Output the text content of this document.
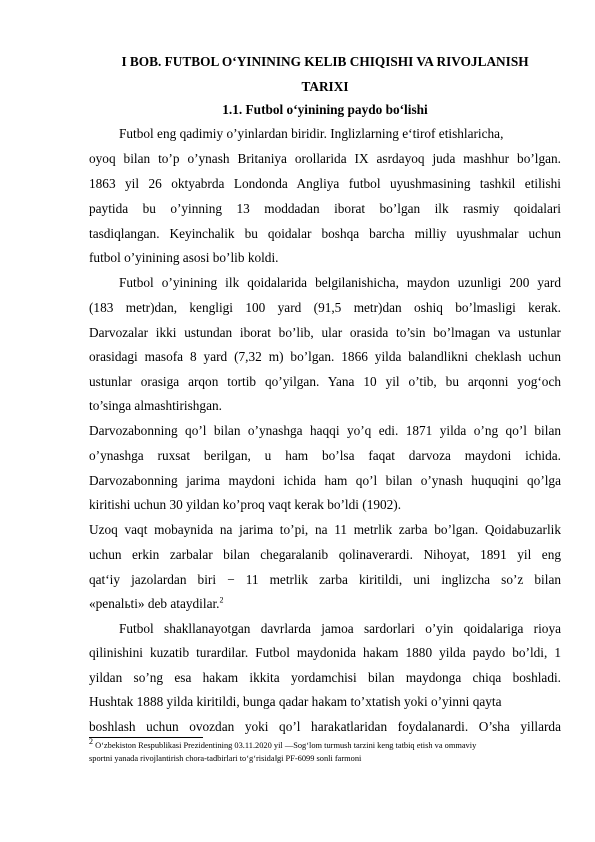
I BOB. FUTBOL O‘YININING KELIB CHIQISHI VA RIVOJLANISH
TARIXI
1.1. Futbol o‘yinining paydo bo‘lishi
Futbol eng qadimiy o’yinlardan biridir. Inglizlarning e‘tirof etishlaricha,
oyoq bilan to’p o’ynash Britaniya orollarida IX asrdayoq juda mashhur bo’lgan.
1863 yil 26 oktyabrda Londonda Angliya futbol uyushmasining tashkil etilishi
paytida bu o’yinning 13 moddadan iborat bo’lgan ilk rasmiy qoidalari
tasdiqlangan. Keyinchalik bu qoidalar boshqa barcha milliy uyushmalar uchun
futbol o’yinining asosi bo’lib koldi.
Futbol o’yinining ilk qoidalarida belgilanishicha, maydon uzunligi 200 yard
(183 metr)dan, kengligi 100 yard (91,5 metr)dan oshiq bo’lmasligi kerak.
Darvozalar ikki ustundan iborat bo’lib, ular orasida to’sin bo’lmagan va ustunlar
orasidagi masofa 8 yard (7,32 m) bo’lgan. 1866 yilda balandlikni cheklash uchun
ustunlar orasiga arqon tortib qo’yilgan. Yana 10 yil o’tib, bu arqonni yog‘och
to’singa almashtirishgan.
Darvozabonning qo’l bilan o’ynashga haqqi yo’q edi. 1871 yilda o’ng qo’l bilan
o’ynashga ruxsat berilgan, u ham bo’lsa faqat darvoza maydoni ichida.
Darvozabonning jarima maydoni ichida ham qo’l bilan o’ynash huquqini qo’lga
kiritishi uchun 30 yildan ko’proq vaqt kerak bo’ldi (1902).
Uzoq vaqt mobaynida na jarima to’pi, na 11 metrlik zarba bo’lgan. Qoidabuzarlik
uchun erkin zarbalar bilan chegaralanib qolinaverardi. Nihoyat, 1891 yil eng
qat‘iy jazolardan biri − 11 metrlik zarba kiritildi, uni inglizcha so’z bilan
«penalьti» deb ataydilar.$^2$
Futbol shakllanayotgan davrlarda jamoa sardorlari o’yin qoidalariga rioya
qilinishini kuzatib turardilar. Futbol maydonida hakam 1880 yilda paydo bo’ldi, 1
yildan so’ng esa hakam ikkita yordamchisi bilan maydonga chiqa boshladi.
Hushtak 1888 yilda kiritildi, bunga qadar hakam to’xtatish yoki o’yinni qayta
boshlash uchun ovozdan yoki qo’l harakatlaridan foydalanardi. O’sha yillarda
$^2$ O‘zbekiston Respublikasi Prezidentining 03.11.2020 yil ―Sog‘lom turmush tarzini keng tatbiq etish va ommaviy
sportni yanada rivojlantirish chora-tadbirlari to‘g‘risida‖gi PF-6099 sonli farmoni
